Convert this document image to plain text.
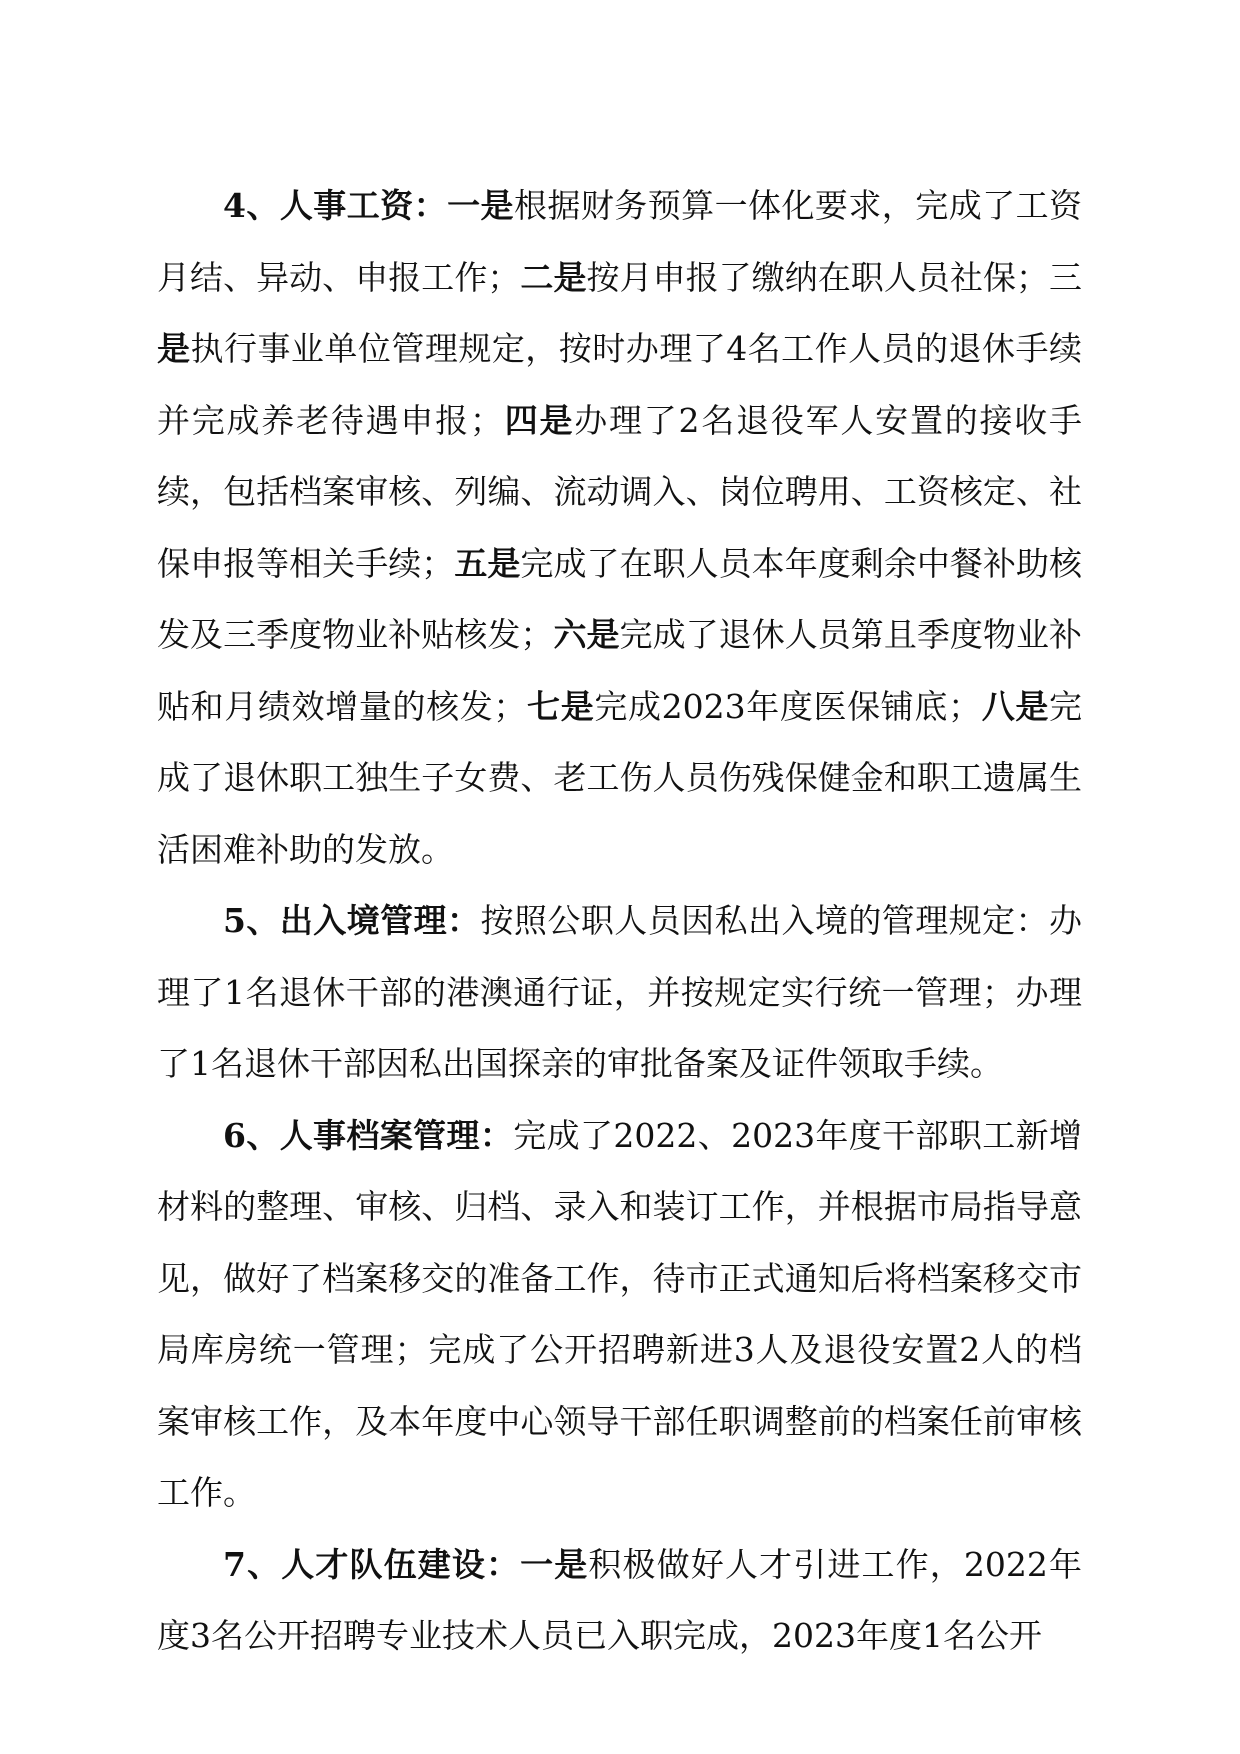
4、人事工资：一是根据财务预算一体化要求，完成了工资月结、异动、申报工作；二是按月申报了缴纳在职人员社保；三是执行事业单位管理规定，按时办理了4名工作人员的退休手续并完成养老待遇申报；四是办理了2名退役军人安置的接收手续，包括档案审核、列编、流动调入、岗位聘用、工资核定、社保申报等相关手续；五是完成了在职人员本年度剩余中餐补助核发及三季度物业补贴核发；六是完成了退休人员第且季度物业补贴和月绩效增量的核发；七是完成2023年度医保铺底；八是完成了退休职工独生子女费、老工伤人员伤残保健金和职工遗属生活困难补助的发放。

5、出入境管理：按照公职人员因私出入境的管理规定：办理了1名退休干部的港澳通行证，并按规定实行统一管理；办理了1名退休干部因私出国探亲的审批备案及证件领取手续。

6、人事档案管理：完成了2022、2023年度干部职工新增材料的整理、审核、归档、录入和装订工作，并根据市局指导意见，做好了档案移交的准备工作，待市正式通知后将档案移交市局库房统一管理；完成了公开招聘新进3人及退役安置2人的档案审核工作，及本年度中心领导干部任职调整前的档案任前审核工作。

7、人才队伍建设：一是积极做好人才引进工作，2022年度3名公开招聘专业技术人员已入职完成，2023年度1名公开
